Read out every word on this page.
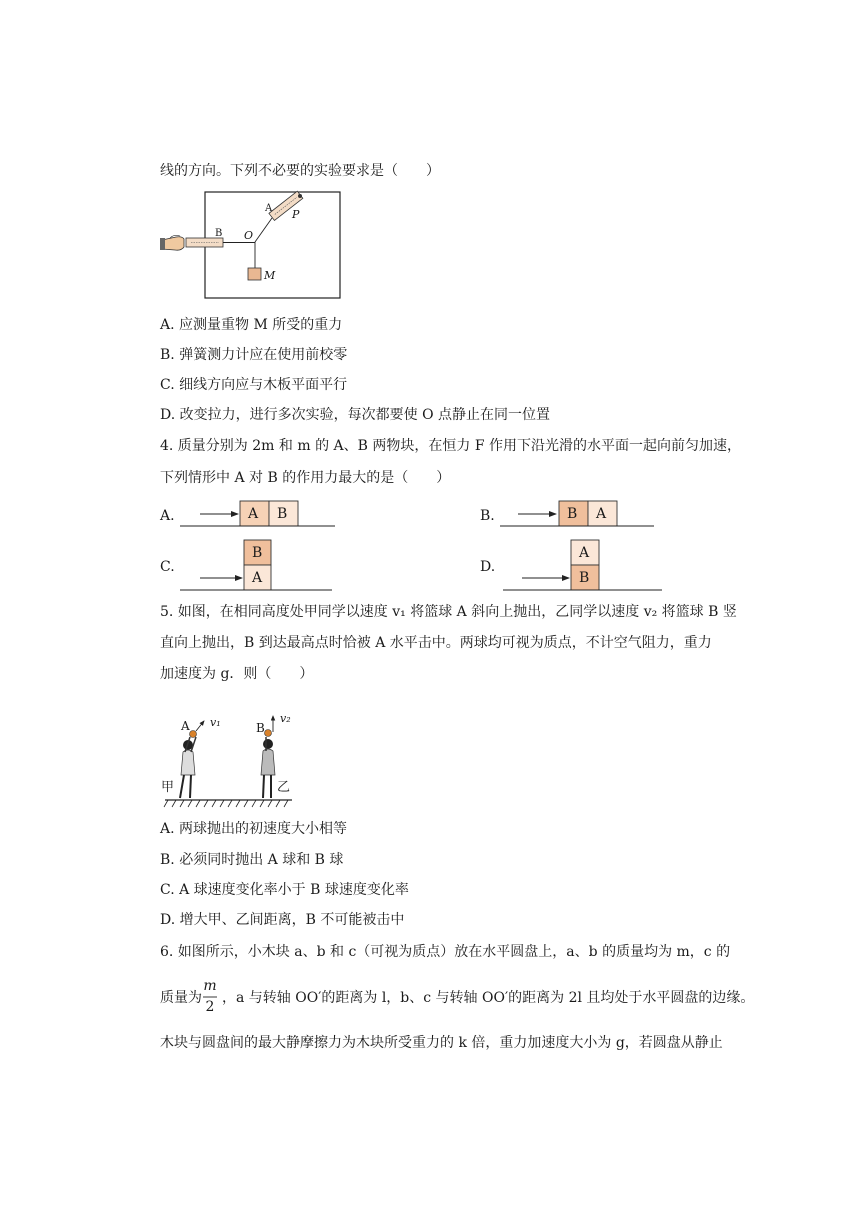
线的方向。下列不必要的实验要求是（　　）
A P
B O
M
A. 应测量重物 M 所受的重力
B. 弹簧测力计应在使用前校零
C. 细线方向应与木板平面平行
D. 改变拉力，进行多次实验，每次都要使 O 点静止在同一位置
4. 质量分别为 2m 和 m 的 A、B 两物块，在恒力 F 作用下沿光滑的水平面一起向前匀加速，
下列情形中 A 对 B 的作用力最大的是（　　）
A.	A B	B.	B A
C.
B
A
D.
A
B
5. 如图，在相同高度处甲同学以速度 v₁ 将篮球 A 斜向上抛出，乙同学以速度 v₂ 将篮球 B 竖
直向上抛出，B 到达最高点时恰被 A 水平击中。两球均可视为质点，不计空气阻力，重力
加速度为 g．则（　　）
A v₁	B
v₂
甲	乙
A. 两球抛出的初速度大小相等
B. 必须同时抛出 A 球和 B 球
C. A 球速度变化率小于 B 球速度变化率
D. 增大甲、乙间距离，B 不可能被击中
6. 如图所示，小木块 a、b 和 c（可视为质点）放在水平圆盘上，a、b 的质量均为 m，c 的
质量为
m
2
，a 与转轴 OO′的距离为 l，b、c 与转轴 OO′的距离为 2l 且均处于水平圆盘的边缘。
木块与圆盘间的最大静摩擦力为木块所受重力的 k 倍，重力加速度大小为 g，若圆盘从静止
